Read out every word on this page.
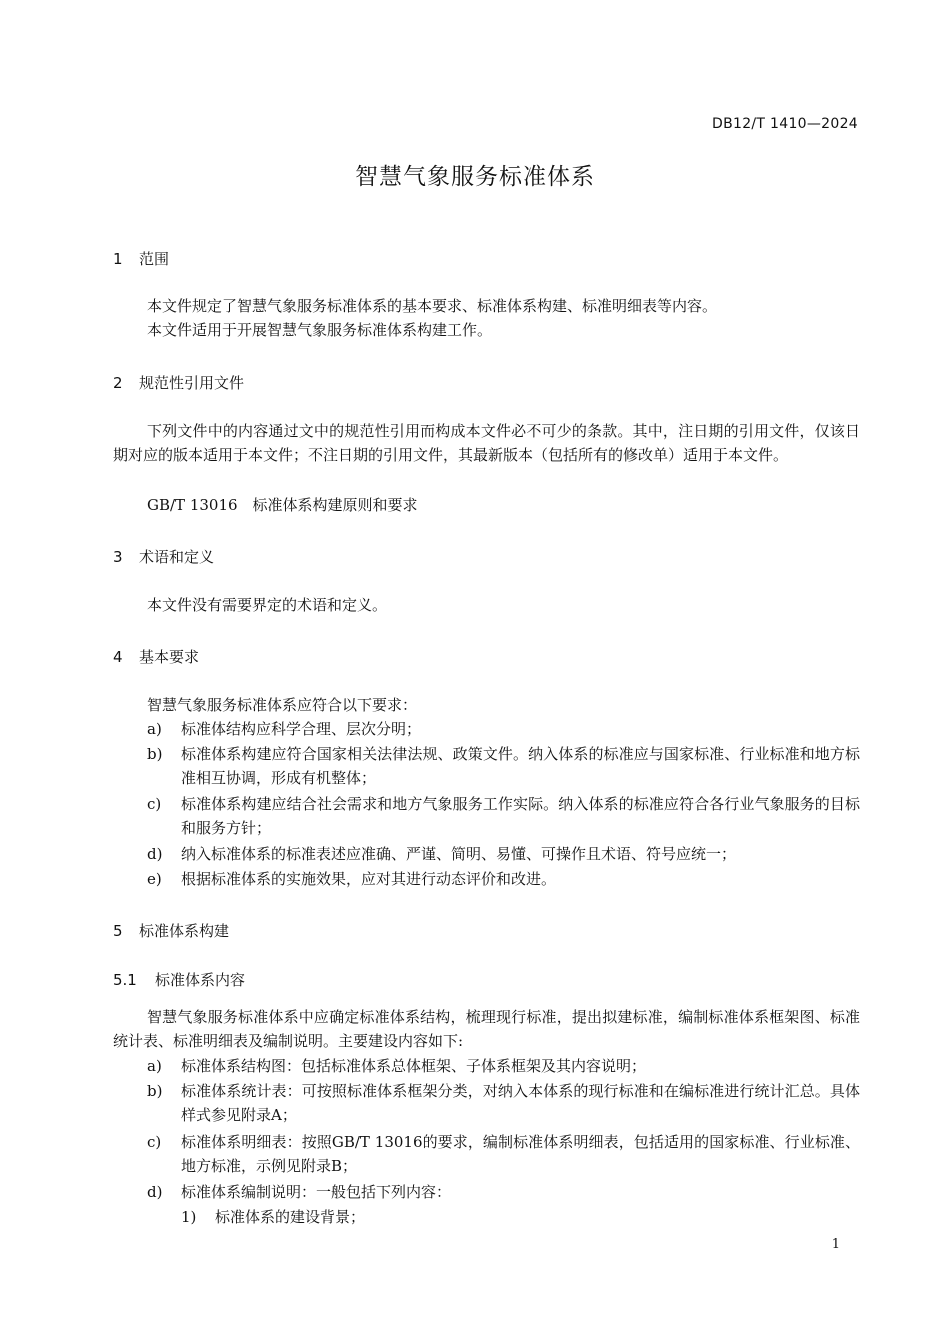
DB12/T 1410—2024
智慧气象服务标准体系
1 范围
本文件规定了智慧气象服务标准体系的基本要求、标准体系构建、标准明细表等内容。
本文件适用于开展智慧气象服务标准体系构建工作。
2 规范性引用文件
下列文件中的内容通过文中的规范性引用而构成本文件必不可少的条款。其中，注日期的引用文件，仅该日期对应的版本适用于本文件；不注日期的引用文件，其最新版本（包括所有的修改单）适用于本文件。
GB/T 13016　标准体系构建原则和要求
3 术语和定义
本文件没有需要界定的术语和定义。
4 基本要求
智慧气象服务标准体系应符合以下要求：
a)	标准体结构应科学合理、层次分明；
b)	标准体系构建应符合国家相关法律法规、政策文件。纳入体系的标准应与国家标准、行业标准和地方标准相互协调，形成有机整体；
c)	标准体系构建应结合社会需求和地方气象服务工作实际。纳入体系的标准应符合各行业气象服务的目标和服务方针；
d)	纳入标准体系的标准表述应准确、严谨、简明、易懂、可操作且术语、符号应统一；
e)	根据标准体系的实施效果，应对其进行动态评价和改进。
5 标准体系构建
5.1 标准体系内容
智慧气象服务标准体系中应确定标准体系结构，梳理现行标准，提出拟建标准，编制标准体系框架图、标准统计表、标准明细表及编制说明。主要建设内容如下:
a)	标准体系结构图：包括标准体系总体框架、子体系框架及其内容说明；
b)	标准体系统计表：可按照标准体系框架分类，对纳入本体系的现行标准和在编标准进行统计汇总。具体样式参见附录A；
c)	标准体系明细表：按照GB/T 13016的要求，编制标准体系明细表，包括适用的国家标准、行业标准、地方标准，示例见附录B；
d)	标准体系编制说明：一般包括下列内容：
1) 标准体系的建设背景；
1
